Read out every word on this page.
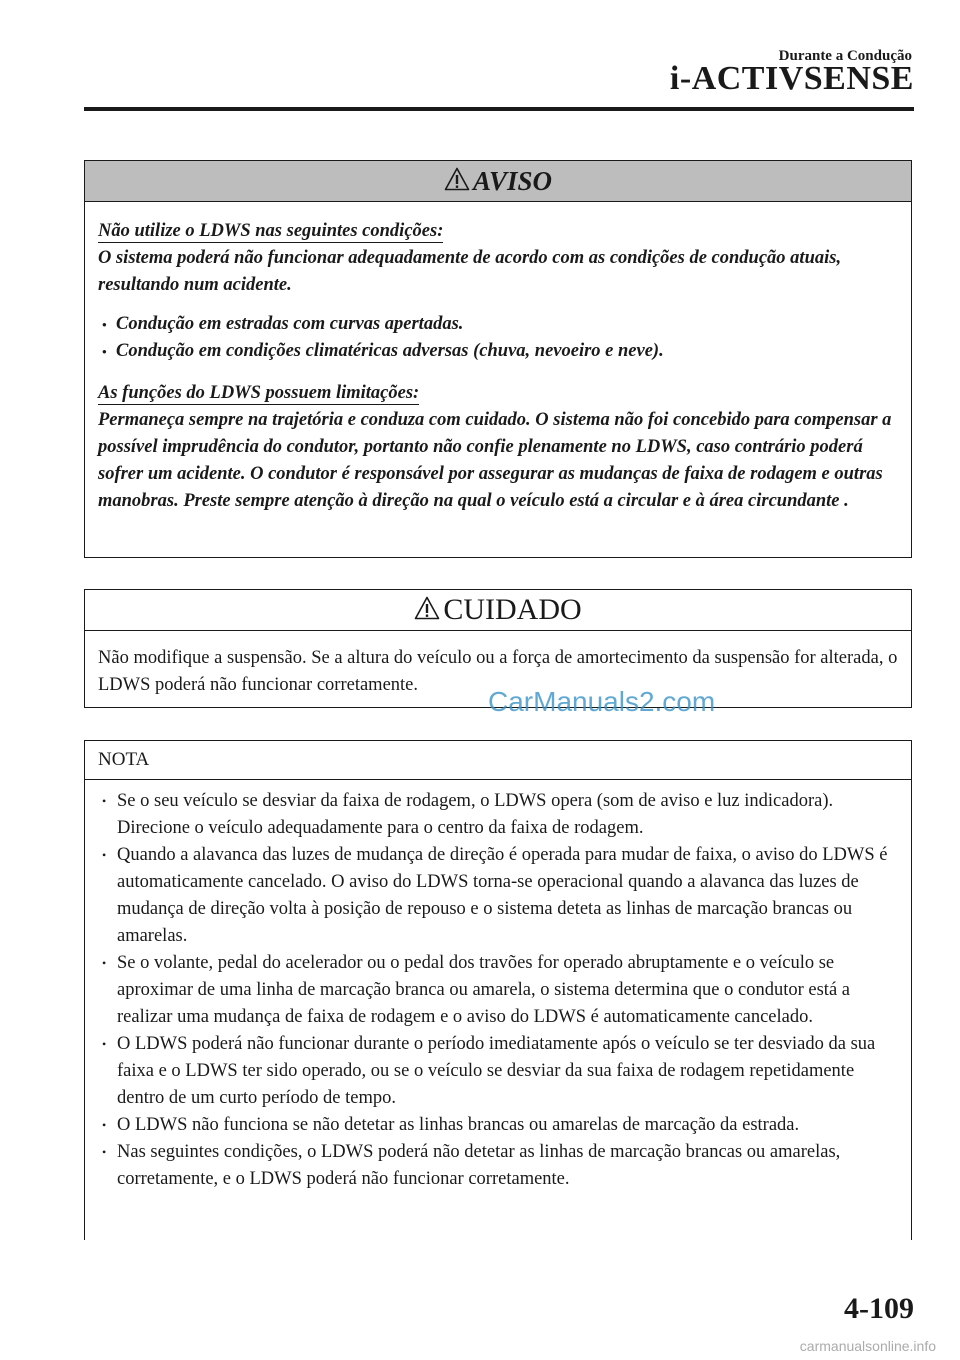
Durante a Condução
i-ACTIVSENSE
AVISO
Não utilize o LDWS nas seguintes condições:
O sistema poderá não funcionar adequadamente de acordo com as condições de condução atuais, resultando num acidente.
• Condução em estradas com curvas apertadas.
• Condução em condições climatéricas adversas (chuva, nevoeiro e neve).
As funções do LDWS possuem limitações:
Permaneça sempre na trajetória e conduza com cuidado. O sistema não foi concebido para compensar a possível imprudência do condutor, portanto não confie plenamente no LDWS, caso contrário poderá sofrer um acidente. O condutor é responsável por assegurar as mudanças de faixa de rodagem e outras manobras. Preste sempre atenção à direção na qual o veículo está a circular e à área circundante .
CUIDADO
Não modifique a suspensão. Se a altura do veículo ou a força de amortecimento da suspensão for alterada, o LDWS poderá não funcionar corretamente.
NOTA
• Se o seu veículo se desviar da faixa de rodagem, o LDWS opera (som de aviso e luz indicadora). Direcione o veículo adequadamente para o centro da faixa de rodagem.
• Quando a alavanca das luzes de mudança de direção é operada para mudar de faixa, o aviso do LDWS é automaticamente cancelado. O aviso do LDWS torna-se operacional quando a alavanca das luzes de mudança de direção volta à posição de repouso e o sistema deteta as linhas de marcação brancas ou amarelas.
• Se o volante, pedal do acelerador ou o pedal dos travões for operado abruptamente e o veículo se aproximar de uma linha de marcação branca ou amarela, o sistema determina que o condutor está a realizar uma mudança de faixa de rodagem e o aviso do LDWS é automaticamente cancelado.
• O LDWS poderá não funcionar durante o período imediatamente após o veículo se ter desviado da sua faixa e o LDWS ter sido operado, ou se o veículo se desviar da sua faixa de rodagem repetidamente dentro de um curto período de tempo.
• O LDWS não funciona se não detetar as linhas brancas ou amarelas de marcação da estrada.
• Nas seguintes condições, o LDWS poderá não detetar as linhas de marcação brancas ou amarelas, corretamente, e o LDWS poderá não funcionar corretamente.
CarManuals2.com
4-109
carmanualsonline.info
